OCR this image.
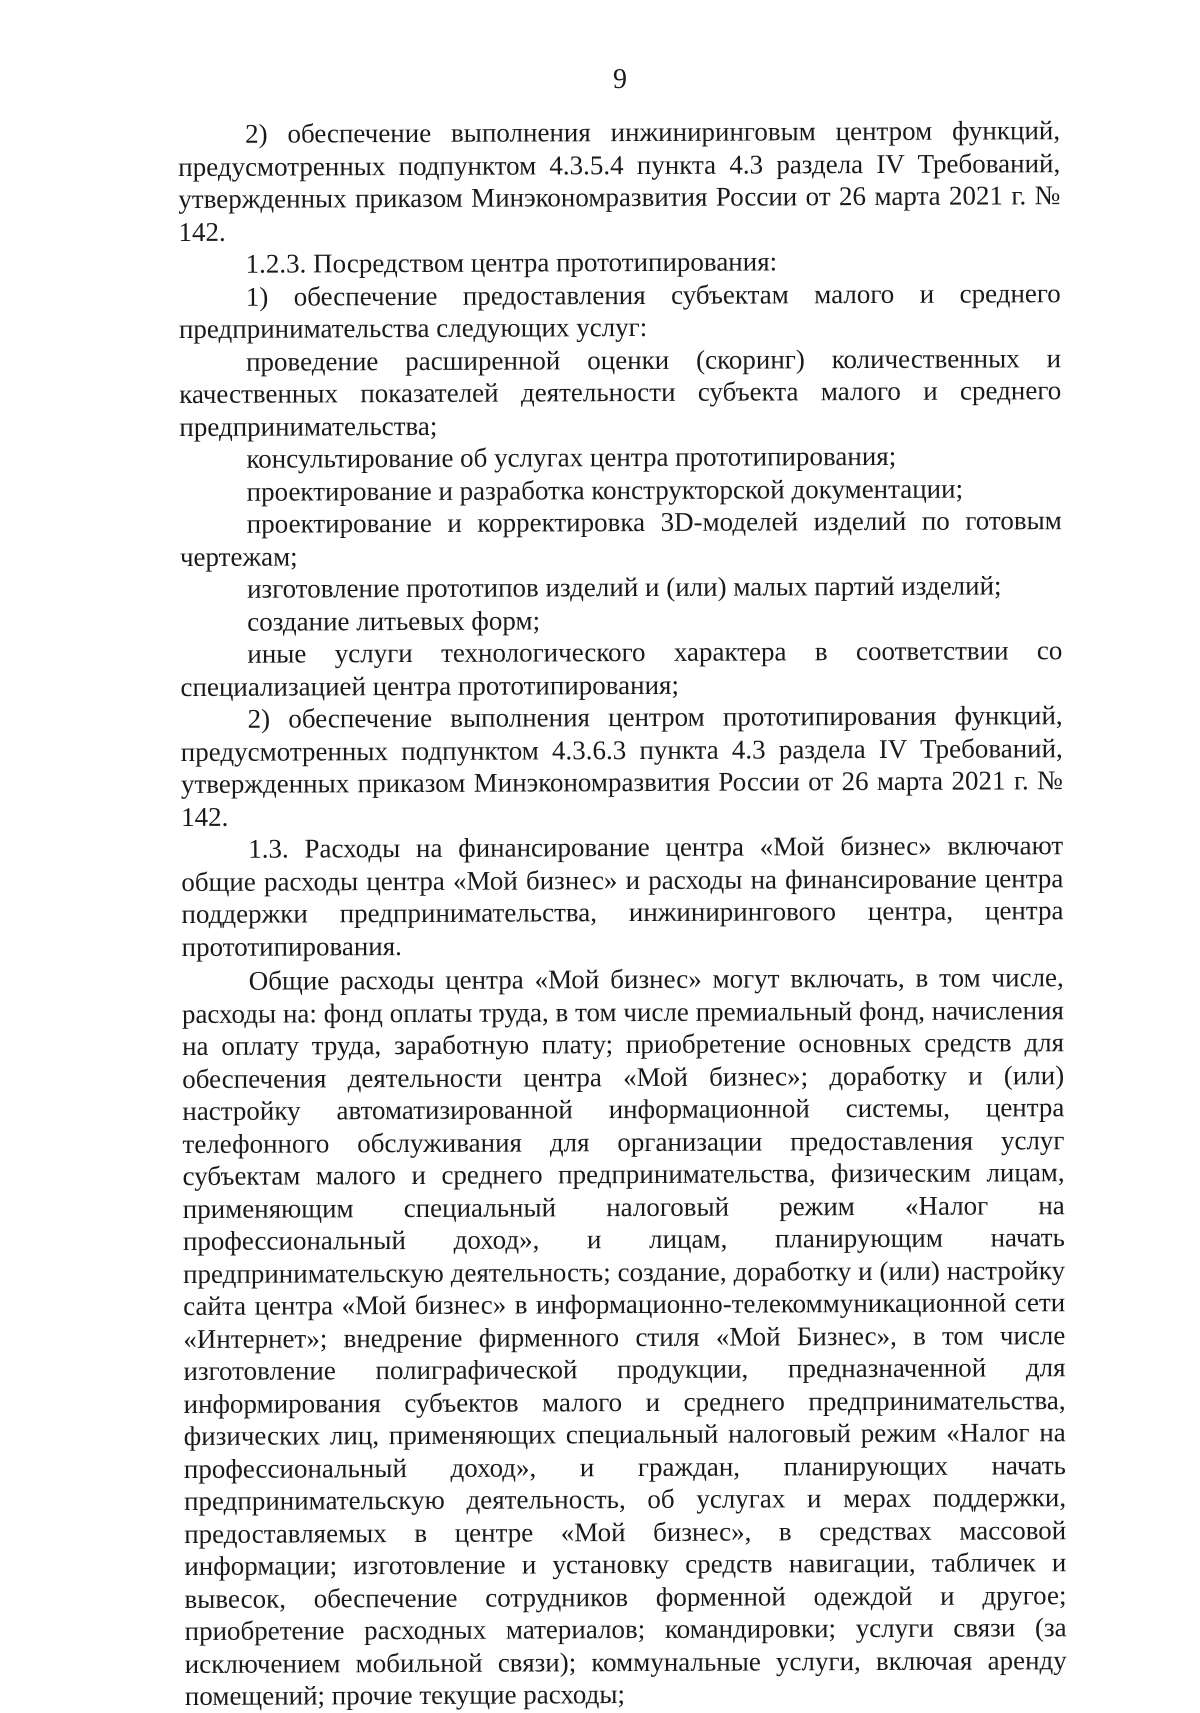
9

2) обеспечение выполнения инжиниринговым центром функций, предусмотренных подпунктом 4.3.5.4 пункта 4.3 раздела IV Требований, утвержденных приказом Минэкономразвития России от 26 марта 2021 г. № 142.

1.2.3. Посредством центра прототипирования:

1) обеспечение предоставления субъектам малого и среднего предпринимательства следующих услуг:

проведение расширенной оценки (скоринг) количественных и качественных показателей деятельности субъекта малого и среднего предпринимательства;

консультирование об услугах центра прототипирования;

проектирование и разработка конструкторской документации;

проектирование и корректировка 3D-моделей изделий по готовым чертежам;

изготовление прототипов изделий и (или) малых партий изделий;

создание литьевых форм;

иные услуги технологического характера в соответствии со специализацией центра прототипирования;

2) обеспечение выполнения центром прототипирования функций, предусмотренных подпунктом 4.3.6.3 пункта 4.3 раздела IV Требований, утвержденных приказом Минэкономразвития России от 26 марта 2021 г. № 142.

1.3. Расходы на финансирование центра «Мой бизнес» включают общие расходы центра «Мой бизнес» и расходы на финансирование центра поддержки предпринимательства, инжинирингового центра, центра прототипирования.

Общие расходы центра «Мой бизнес» могут включать, в том числе, расходы на: фонд оплаты труда, в том числе премиальный фонд, начисления на оплату труда, заработную плату; приобретение основных средств для обеспечения деятельности центра «Мой бизнес»; доработку и (или) настройку автоматизированной информационной системы, центра телефонного обслуживания для организации предоставления услуг субъектам малого и среднего предпринимательства, физическим лицам, применяющим специальный налоговый режим «Налог на профессиональный доход», и лицам, планирующим начать предпринимательскую деятельность; создание, доработку и (или) настройку сайта центра «Мой бизнес» в информационно-телекоммуникационной сети «Интернет»; внедрение фирменного стиля «Мой Бизнес», в том числе изготовление полиграфической продукции, предназначенной для информирования субъектов малого и среднего предпринимательства, физических лиц, применяющих специальный налоговый режим «Налог на профессиональный доход», и граждан, планирующих начать предпринимательскую деятельность, об услугах и мерах поддержки, предоставляемых в центре «Мой бизнес», в средствах массовой информации; изготовление и установку средств навигации, табличек и вывесок, обеспечение сотрудников форменной одеждой и другое; приобретение расходных материалов; командировки; услуги связи (за исключением мобильной связи); коммунальные услуги, включая аренду помещений; прочие текущие расходы;
